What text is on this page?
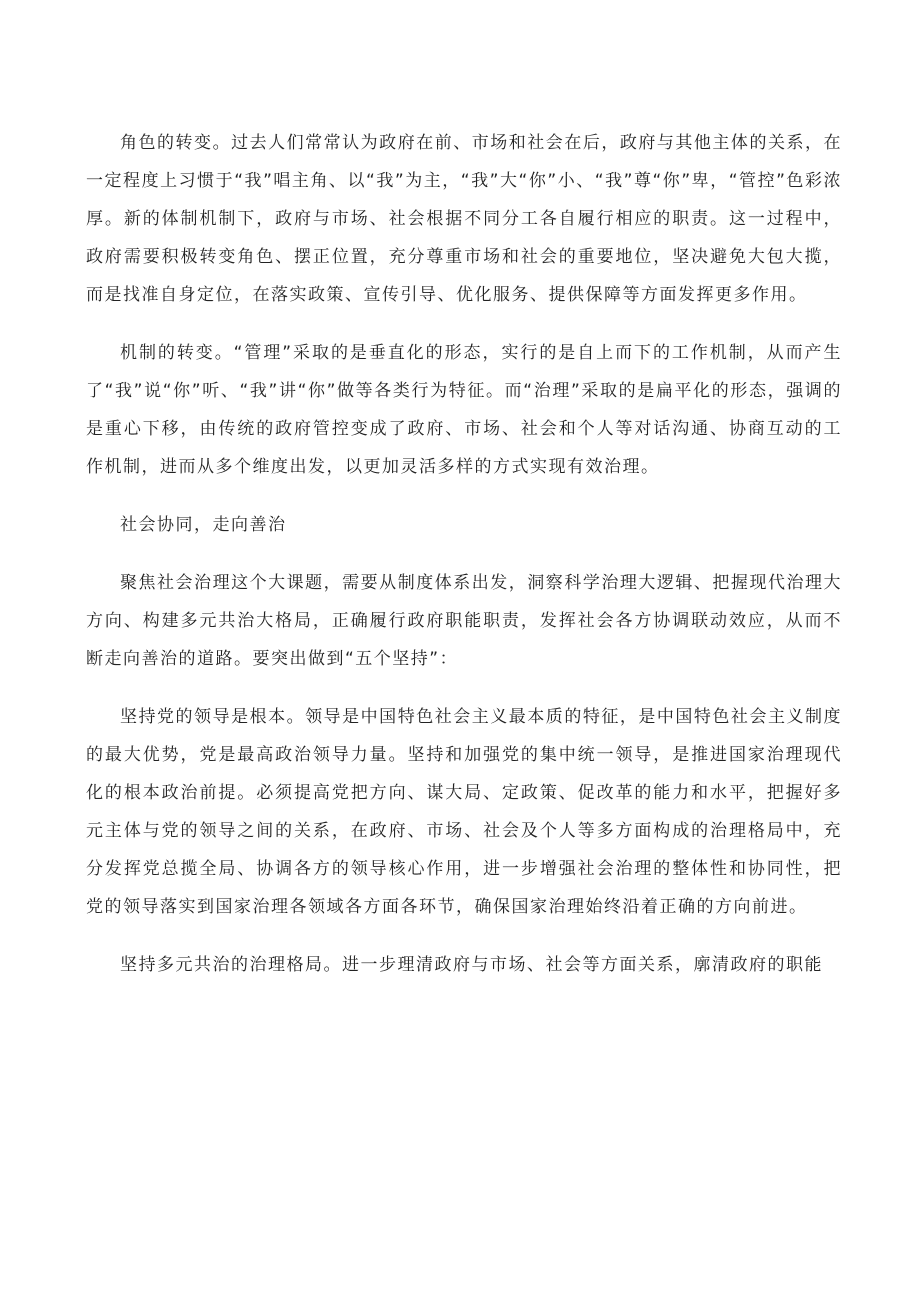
角色的转变。过去人们常常认为政府在前、市场和社会在后，政府与其他主体的关系，在一定程度上习惯于“我”唱主角、以“我”为主，“我”大“你”小、“我”尊“你”卑，“管控”色彩浓厚。新的体制机制下，政府与市场、社会根据不同分工各自履行相应的职责。这一过程中，政府需要积极转变角色、摆正位置，充分尊重市场和社会的重要地位，坚决避免大包大揽，而是找准自身定位，在落实政策、宣传引导、优化服务、提供保障等方面发挥更多作用。

机制的转变。“管理”采取的是垂直化的形态，实行的是自上而下的工作机制，从而产生了“我”说“你”听、“我”讲“你”做等各类行为特征。而“治理”采取的是扁平化的形态，强调的是重心下移，由传统的政府管控变成了政府、市场、社会和个人等对话沟通、协商互动的工作机制，进而从多个维度出发，以更加灵活多样的方式实现有效治理。

社会协同，走向善治

聚焦社会治理这个大课题，需要从制度体系出发，洞察科学治理大逻辑、把握现代治理大方向、构建多元共治大格局，正确履行政府职能职责，发挥社会各方协调联动效应，从而不断走向善治的道路。要突出做到“五个坚持”：

坚持党的领导是根本。领导是中国特色社会主义最本质的特征，是中国特色社会主义制度的最大优势，党是最高政治领导力量。坚持和加强党的集中统一领导，是推进国家治理现代化的根本政治前提。必须提高党把方向、谋大局、定政策、促改革的能力和水平，把握好多元主体与党的领导之间的关系，在政府、市场、社会及个人等多方面构成的治理格局中，充分发挥党总揽全局、协调各方的领导核心作用，进一步增强社会治理的整体性和协同性，把党的领导落实到国家治理各领域各方面各环节，确保国家治理始终沿着正确的方向前进。

坚持多元共治的治理格局。进一步理清政府与市场、社会等方面关系，廓清政府的职能
